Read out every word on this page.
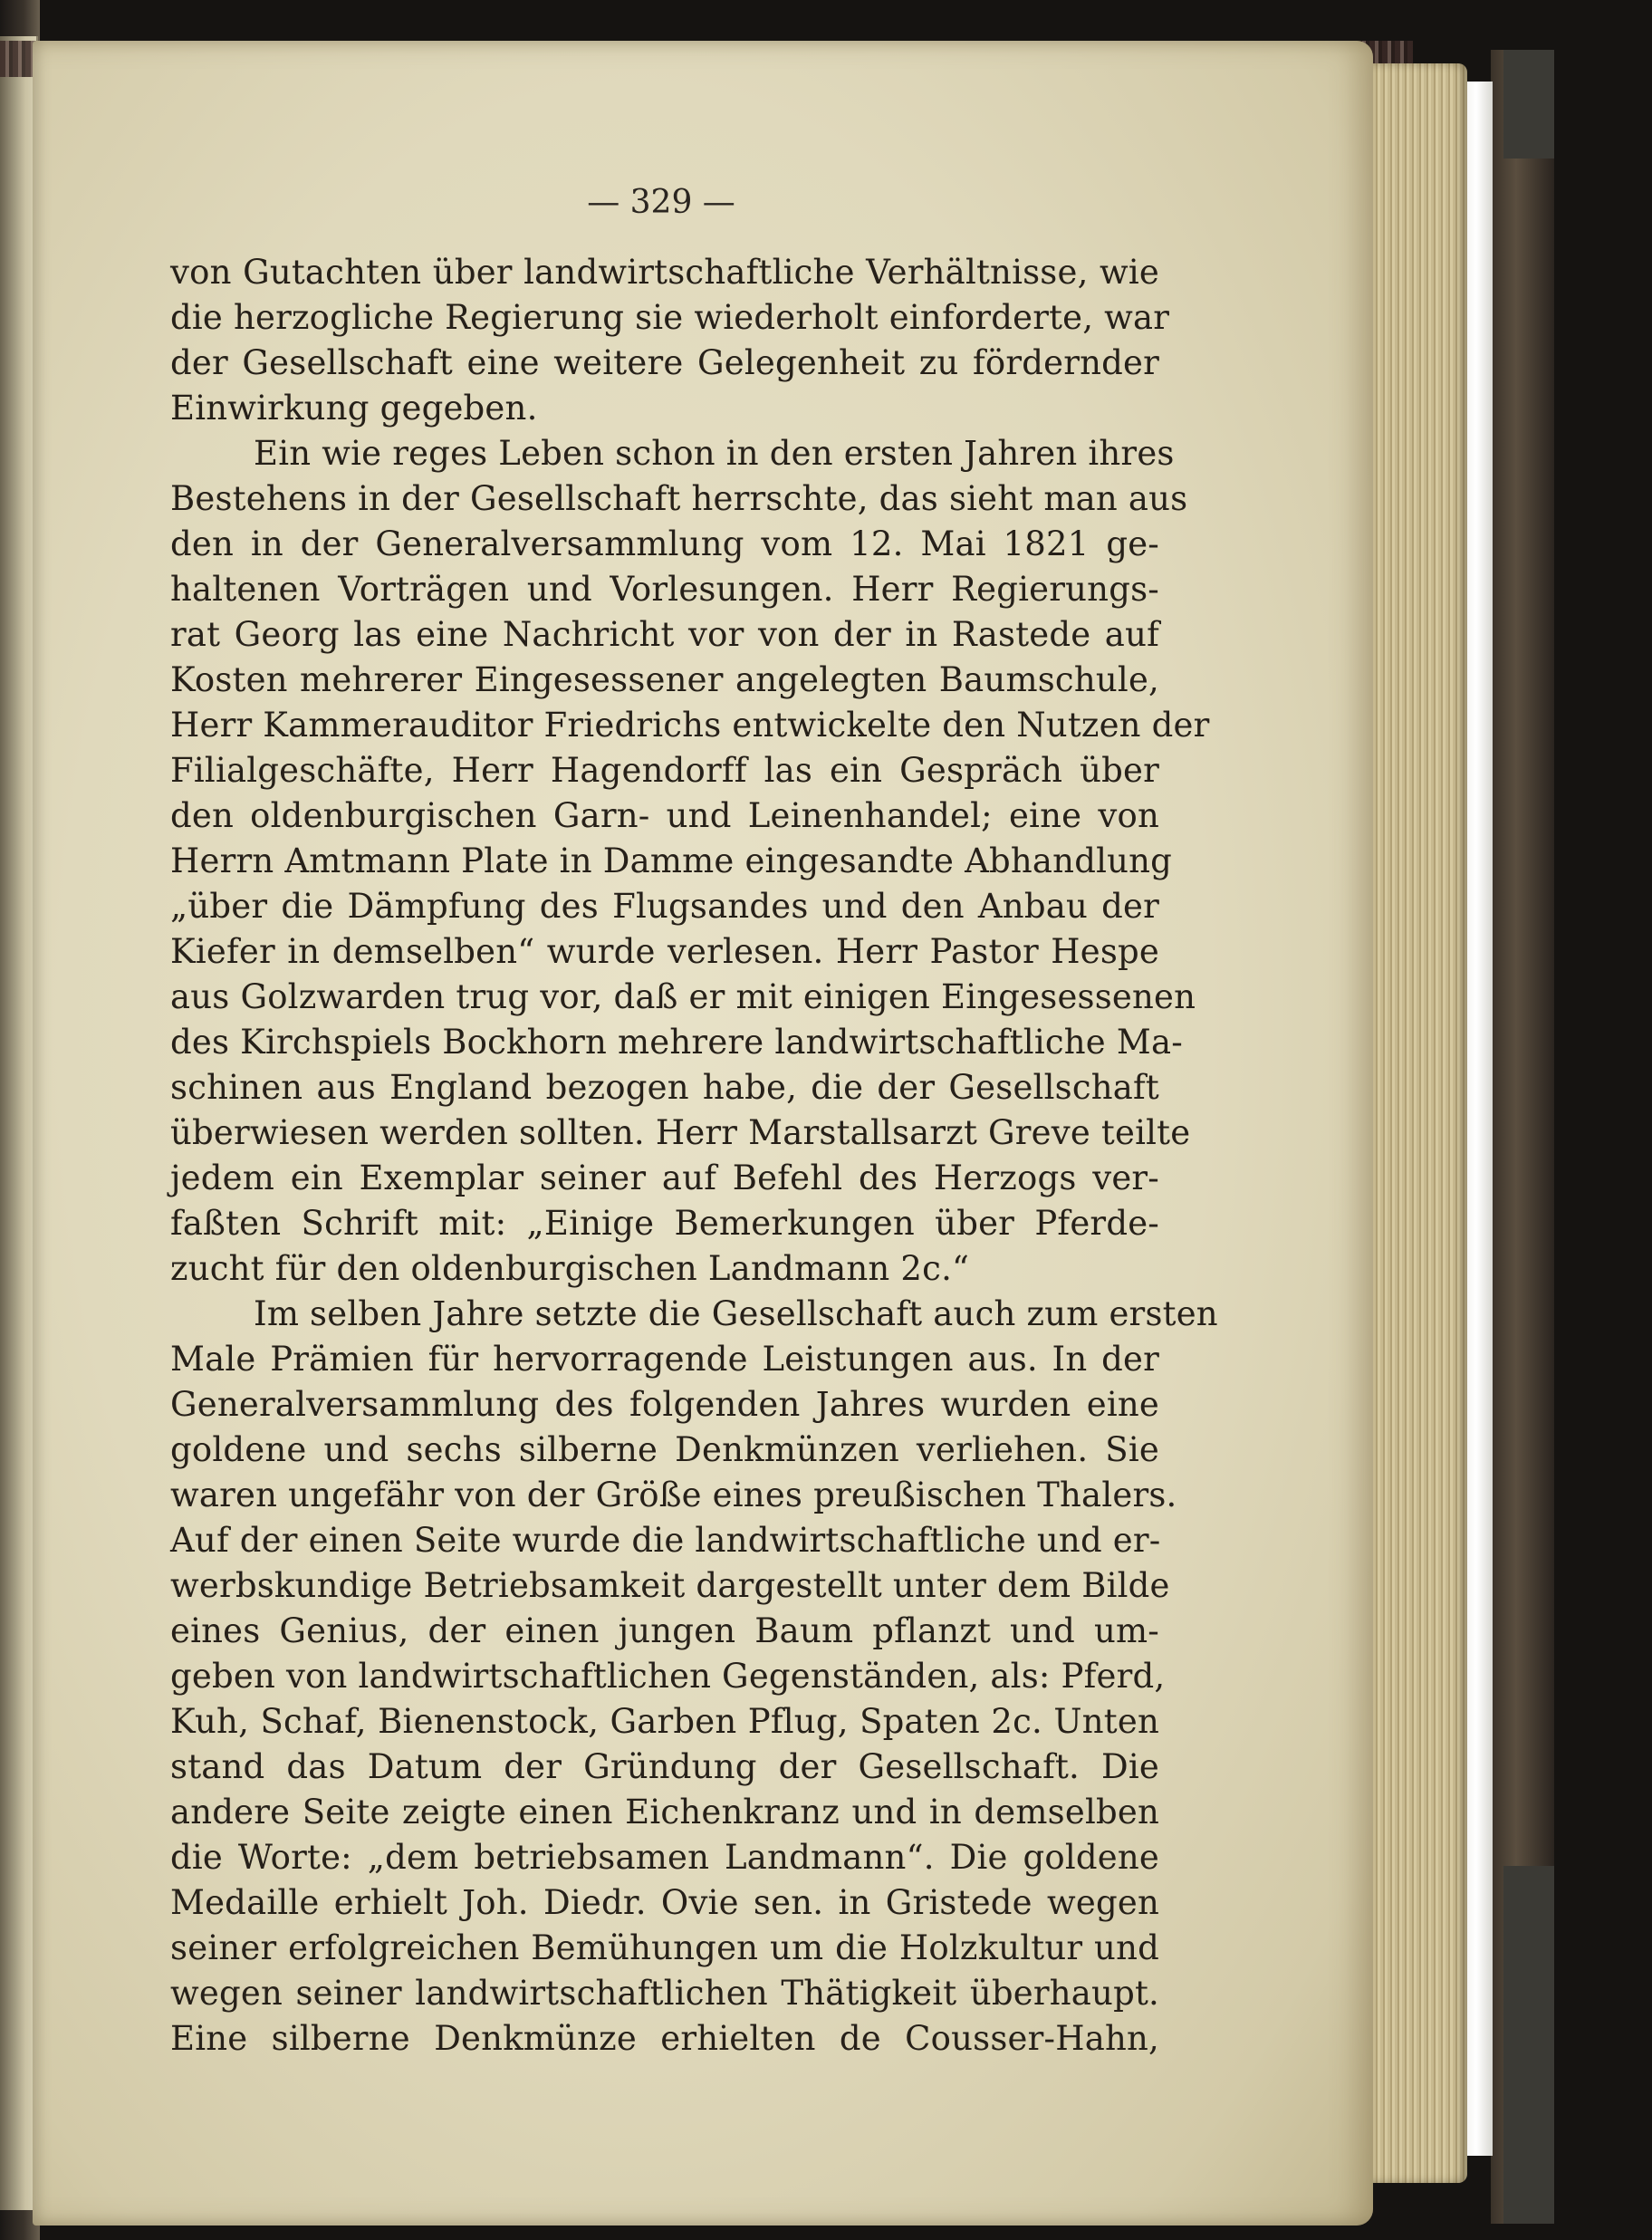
— 329 —
von Gutachten über landwirtschaftliche Verhältnisse, wie
die herzogliche Regierung sie wiederholt einforderte, war
der Gesellschaft eine weitere Gelegenheit zu fördernder
Einwirkung gegeben.
Ein wie reges Leben schon in den ersten Jahren ihres
Bestehens in der Gesellschaft herrschte, das sieht man aus
den in der Generalversammlung vom 12. Mai 1821 ge-
haltenen Vorträgen und Vorlesungen. Herr Regierungs-
rat Georg las eine Nachricht vor von der in Rastede auf
Kosten mehrerer Eingesessener angelegten Baumschule,
Herr Kammerauditor Friedrichs entwickelte den Nutzen der
Filialgeschäfte, Herr Hagendorff las ein Gespräch über
den oldenburgischen Garn- und Leinenhandel; eine von
Herrn Amtmann Plate in Damme eingesandte Abhandlung
„über die Dämpfung des Flugsandes und den Anbau der
Kiefer in demselben“ wurde verlesen. Herr Pastor Hespe
aus Golzwarden trug vor, daß er mit einigen Eingesessenen
des Kirchspiels Bockhorn mehrere landwirtschaftliche Ma-
schinen aus England bezogen habe, die der Gesellschaft
überwiesen werden sollten. Herr Marstallsarzt Greve teilte
jedem ein Exemplar seiner auf Befehl des Herzogs ver-
faßten Schrift mit: „Einige Bemerkungen über Pferde-
zucht für den oldenburgischen Landmann 2c.“
Im selben Jahre setzte die Gesellschaft auch zum ersten
Male Prämien für hervorragende Leistungen aus. In der
Generalversammlung des folgenden Jahres wurden eine
goldene und sechs silberne Denkmünzen verliehen. Sie
waren ungefähr von der Größe eines preußischen Thalers.
Auf der einen Seite wurde die landwirtschaftliche und er-
werbskundige Betriebsamkeit dargestellt unter dem Bilde
eines Genius, der einen jungen Baum pflanzt und um-
geben von landwirtschaftlichen Gegenständen, als: Pferd,
Kuh, Schaf, Bienenstock, Garben Pflug, Spaten 2c. Unten
stand das Datum der Gründung der Gesellschaft. Die
andere Seite zeigte einen Eichenkranz und in demselben
die Worte: „dem betriebsamen Landmann“. Die goldene
Medaille erhielt Joh. Diedr. Ovie sen. in Gristede wegen
seiner erfolgreichen Bemühungen um die Holzkultur und
wegen seiner landwirtschaftlichen Thätigkeit überhaupt.
Eine silberne Denkmünze erhielten de Cousser-Hahn,
